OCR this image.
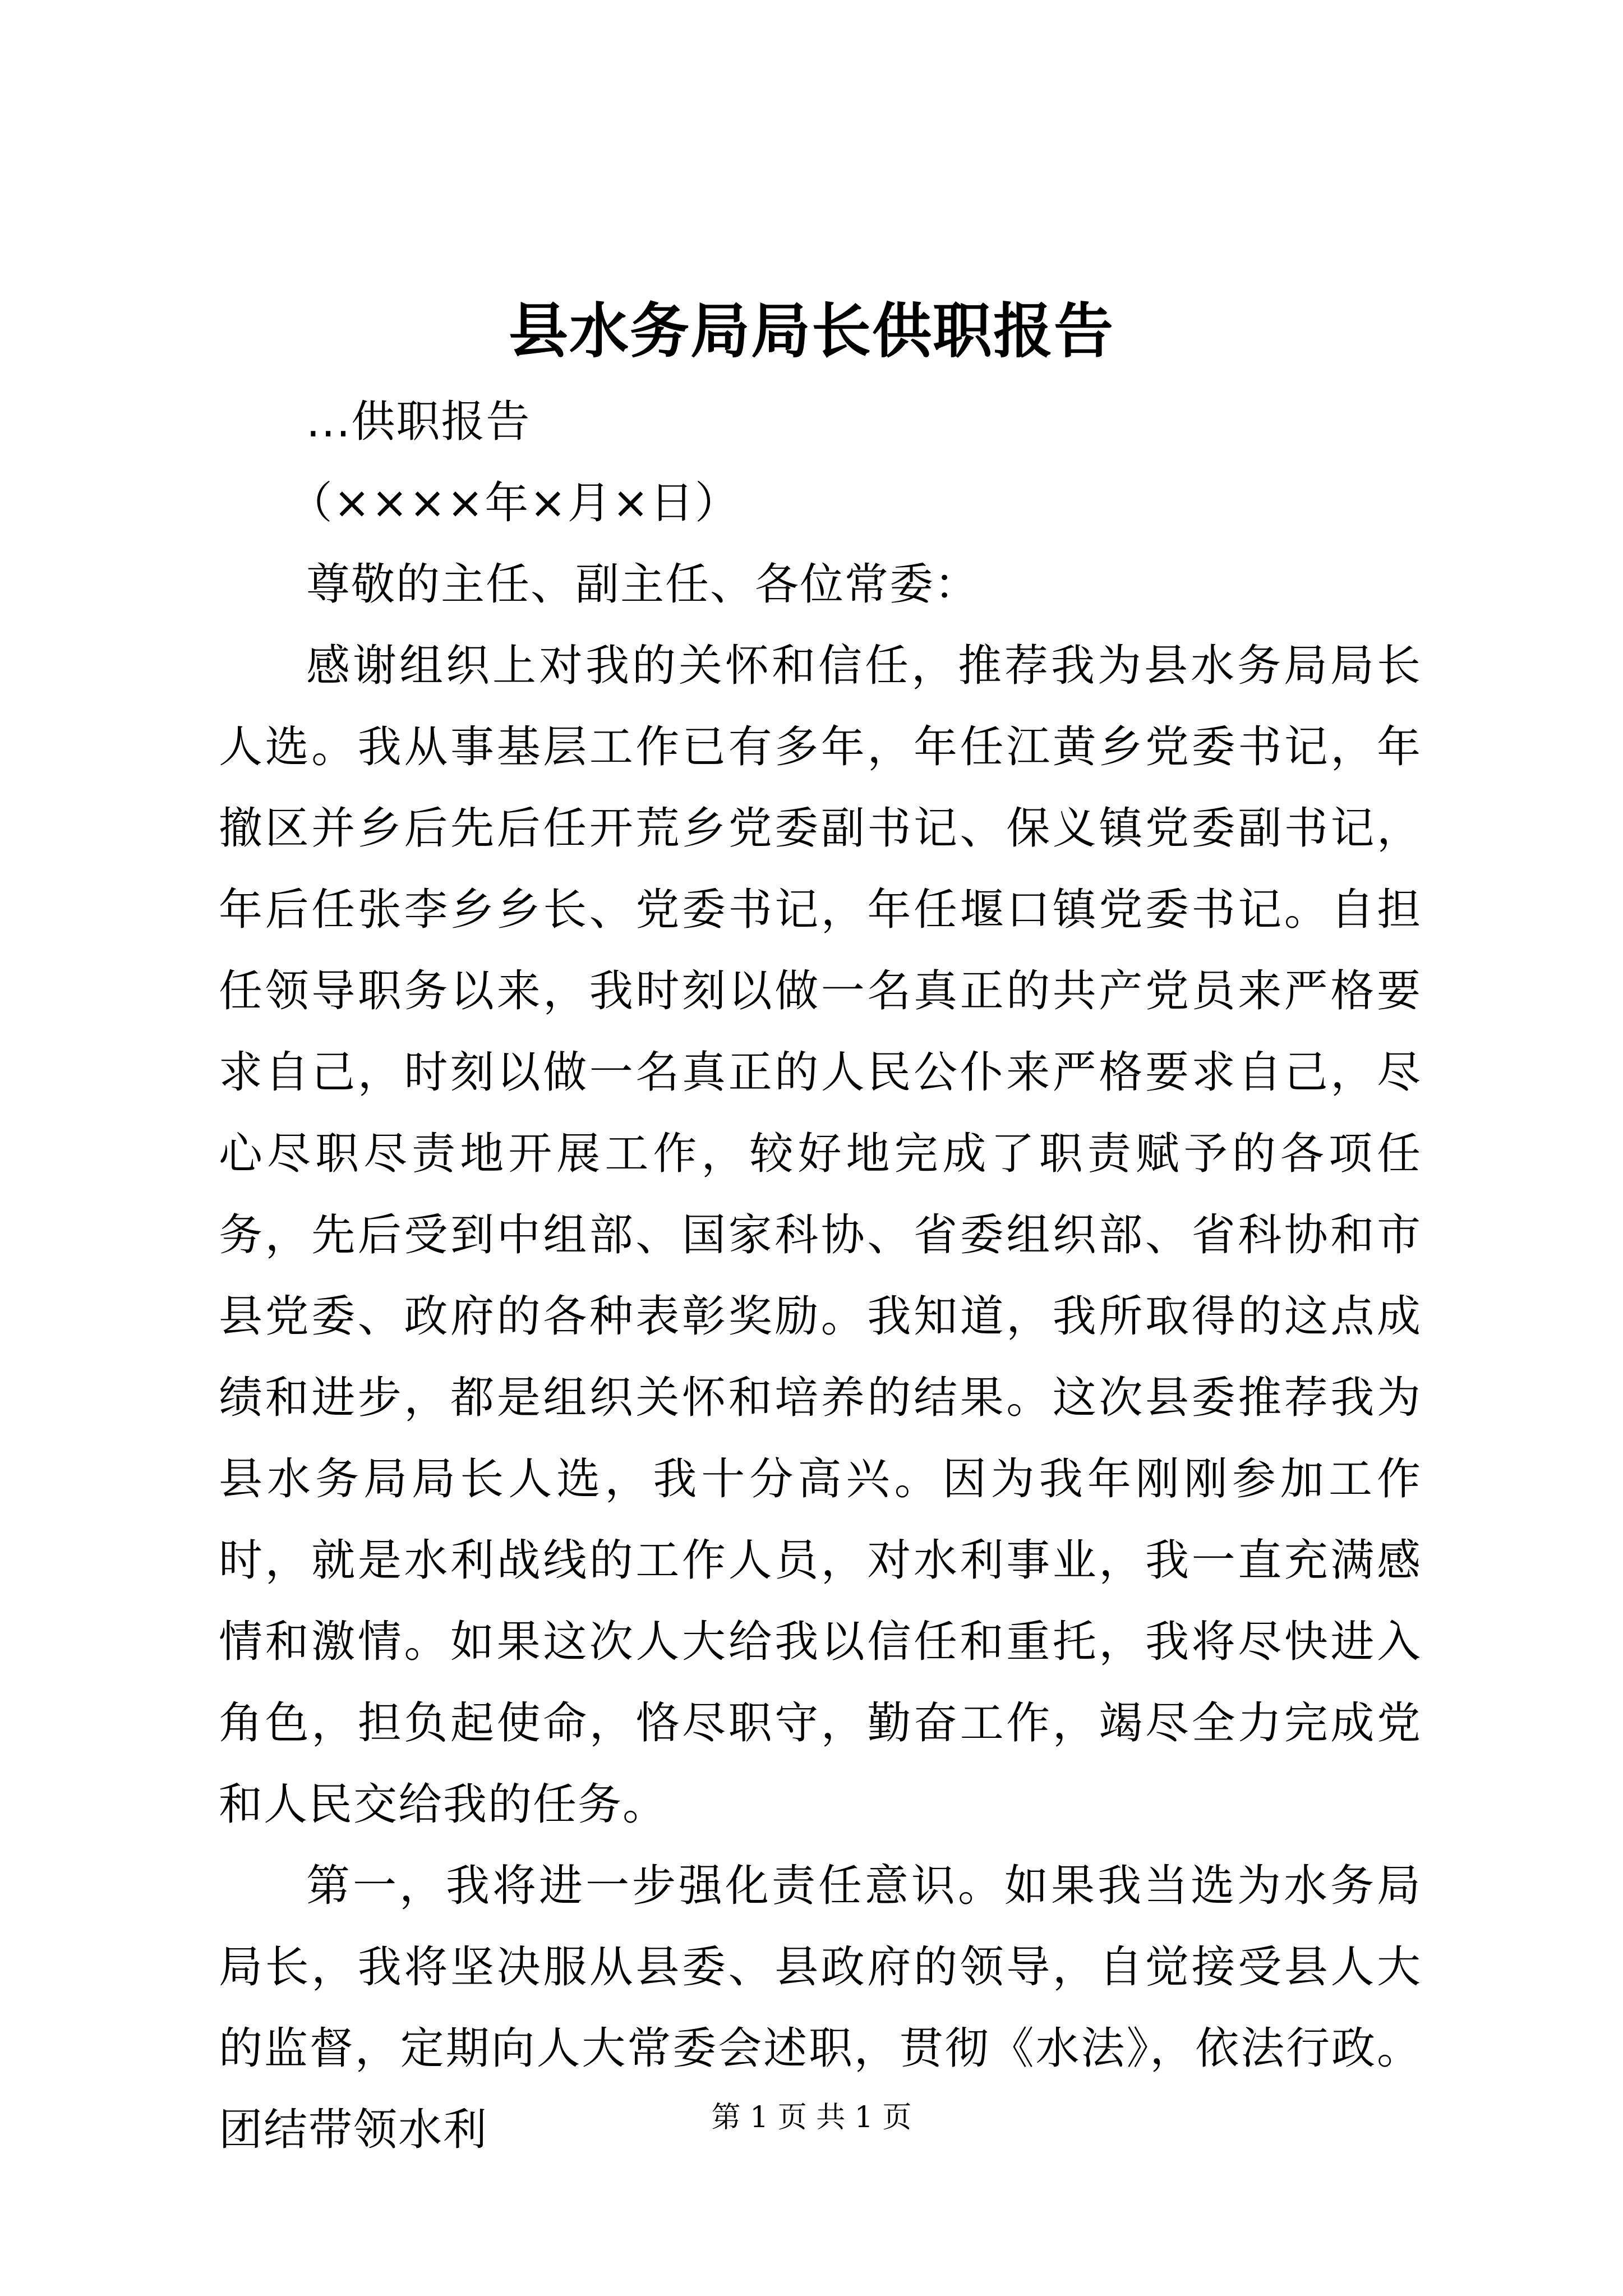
县水务局局长供职报告

...供职报告

（××××年×月×日）

尊敬的主任、副主任、各位常委：

感谢组织上对我的关怀和信任，推荐我为县水务局局长人选。我从事基层工作已有多年，年任江黄乡党委书记，年撤区并乡后先后任开荒乡党委副书记、保义镇党委副书记，年后任张李乡乡长、党委书记，年任堰口镇党委书记。自担任领导职务以来，我时刻以做一名真正的共产党员来严格要求自己，时刻以做一名真正的人民公仆来严格要求自己，尽心尽职尽责地开展工作，较好地完成了职责赋予的各项任务，先后受到中组部、国家科协、省委组织部、省科协和市县党委、政府的各种表彰奖励。我知道，我所取得的这点成绩和进步，都是组织关怀和培养的结果。这次县委推荐我为县水务局局长人选，我十分高兴。因为我年刚刚参加工作时，就是水利战线的工作人员，对水利事业，我一直充满感情和激情。如果这次人大给我以信任和重托，我将尽快进入角色，担负起使命，恪尽职守，勤奋工作，竭尽全力完成党和人民交给我的任务。

第一，我将进一步强化责任意识。如果我当选为水务局局长，我将坚决服从县委、县政府的领导，自觉接受县人大的监督，定期向人大常委会述职，贯彻《水法》，依法行政。团结带领水利	第 1 页 共 1 页
